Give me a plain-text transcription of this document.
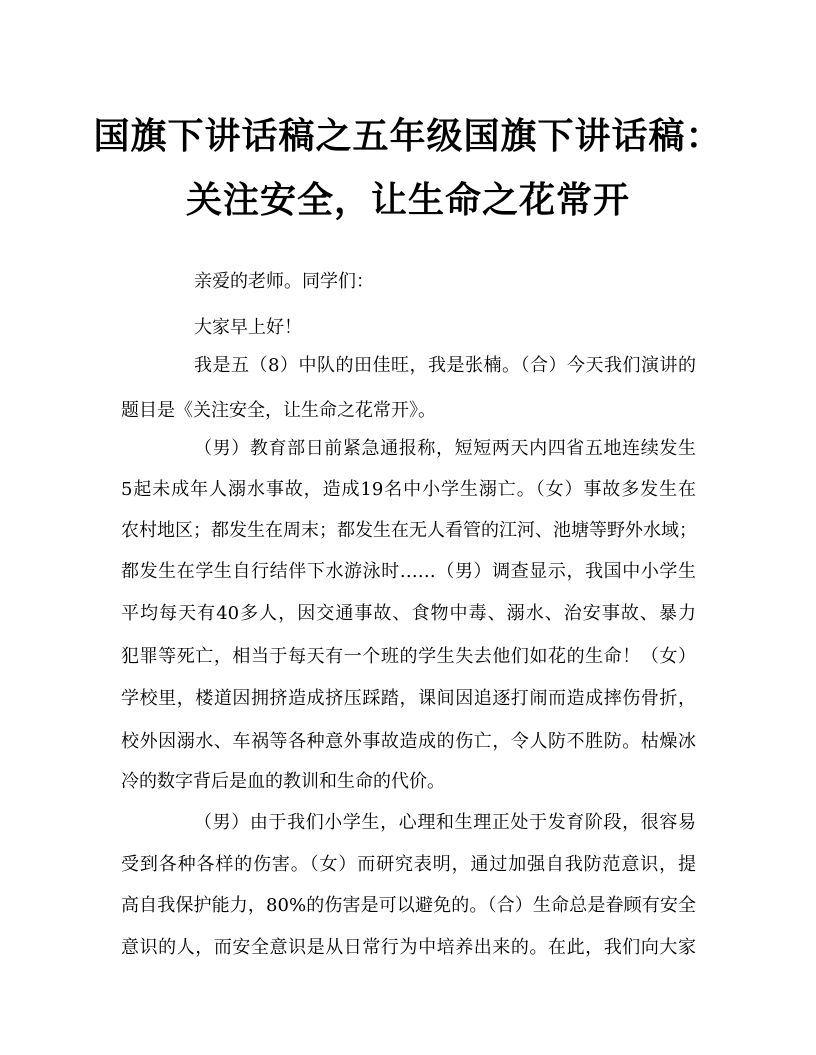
国旗下讲话稿之五年级国旗下讲话稿：
关注安全，让生命之花常开
亲爱的老师。同学们：
大家早上好！
我是五（8）中队的田佳旺，我是张楠。（合）今天我们演讲的
题目是《关注安全，让生命之花常开》。
（男）教育部日前紧急通报称，短短两天内四省五地连续发生
5起未成年人溺水事故，造成19名中小学生溺亡。（女）事故多发生在
农村地区；都发生在周末；都发生在无人看管的江河、池塘等野外水域；
都发生在学生自行结伴下水游泳时……（男）调查显示，我国中小学生
平均每天有40多人，因交通事故、食物中毒、溺水、治安事故、暴力
犯罪等死亡，相当于每天有一个班的学生失去他们如花的生命！（女）
学校里，楼道因拥挤造成挤压踩踏，课间因追逐打闹而造成摔伤骨折，
校外因溺水、车祸等各种意外事故造成的伤亡，令人防不胜防。枯燥冰
冷的数字背后是血的教训和生命的代价。
（男）由于我们小学生，心理和生理正处于发育阶段，很容易
受到各种各样的伤害。（女）而研究表明，通过加强自我防范意识，提
高自我保护能力，80%的伤害是可以避免的。（合）生命总是眷顾有安全
意识的人，而安全意识是从日常行为中培养出来的。在此，我们向大家
